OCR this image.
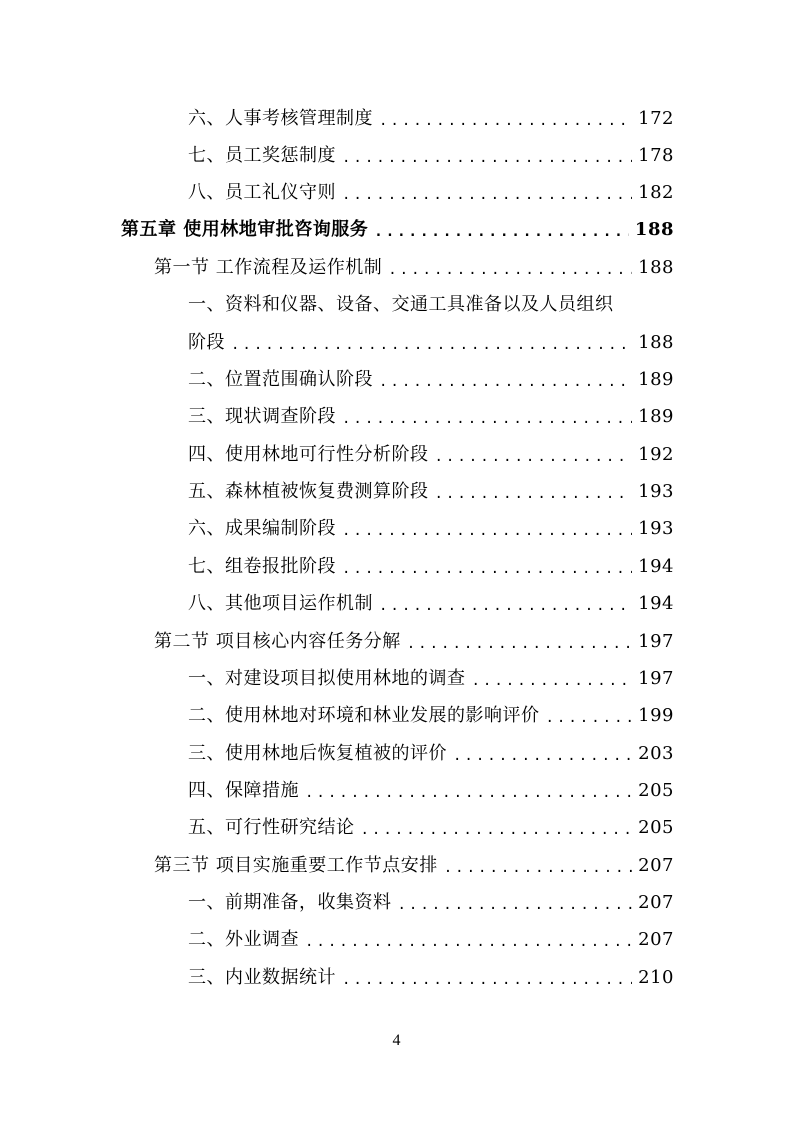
六、人事考核管理制度 .....	172
七、员工奖惩制度 .....	178
八、员工礼仪守则 .....	182
第五章 使用林地审批咨询服务 .....	188
第一节 工作流程及运作机制 .....	188
一、资料和仪器、设备、交通工具准备以及人员组织
阶段 .....	188
二、位置范围确认阶段 .....	189
三、现状调查阶段 .....	189
四、使用林地可行性分析阶段 .....	192
五、森林植被恢复费测算阶段 .....	193
六、成果编制阶段 .....	193
七、组卷报批阶段 .....	194
八、其他项目运作机制 .....	194
第二节 项目核心内容任务分解 .....	197
一、对建设项目拟使用林地的调查 .....	197
二、使用林地对环境和林业发展的影响评价 .....	199
三、使用林地后恢复植被的评价 .....	203
四、保障措施 .....	205
五、可行性研究结论 .....	205
第三节 项目实施重要工作节点安排 .....	207
一、前期准备，收集资料 .....	207
二、外业调查 .....	207
三、内业数据统计 .....	210
4
